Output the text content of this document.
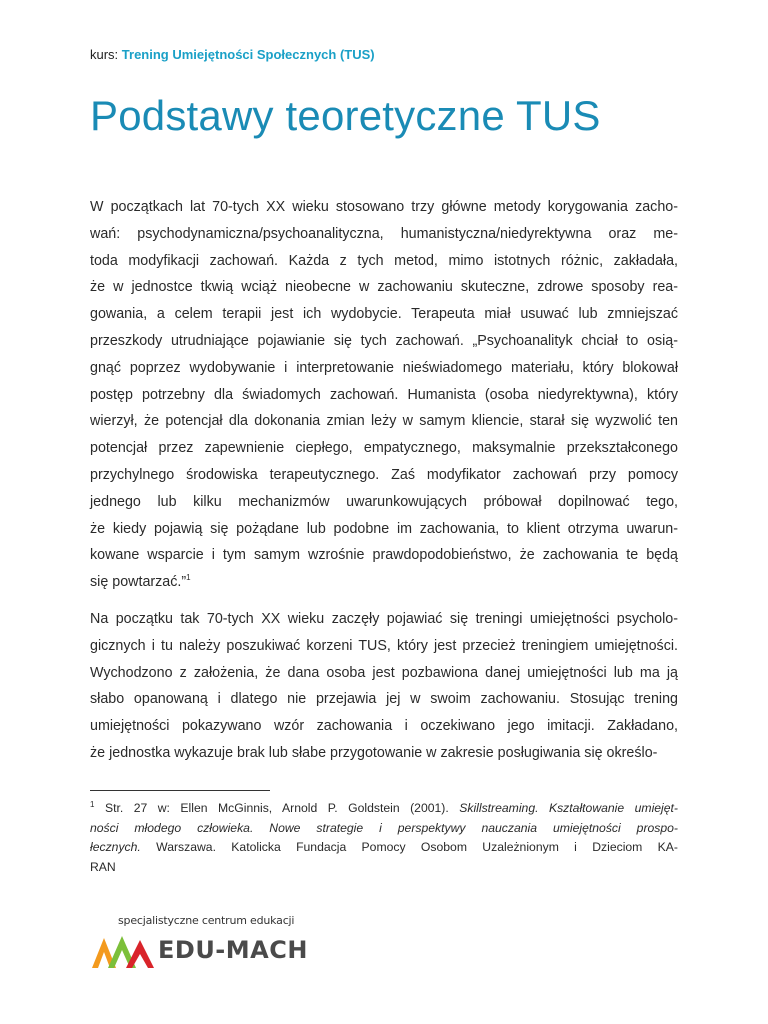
kurs: Trening Umiejętności Społecznych (TUS)
Podstawy teoretyczne TUS

W początkach lat 70-tych XX wieku stosowano trzy główne metody korygowania zacho-
wań: psychodynamiczna/psychoanalityczna, humanistyczna/niedyrektywna oraz me-
toda modyfikacji zachowań. Każda z tych metod, mimo istotnych różnic, zakładała,
że w jednostce tkwią wciąż nieobecne w zachowaniu skuteczne, zdrowe sposoby rea-
gowania, a celem terapii jest ich wydobycie. Terapeuta miał usuwać lub zmniejszać
przeszkody utrudniające pojawianie się tych zachowań. „Psychoanalityk chciał to osią-
gnąć poprzez wydobywanie i interpretowanie nieświadomego materiału, który blokował
postęp potrzebny dla świadomych zachowań. Humanista (osoba niedyrektywna), który
wierzył, że potencjał dla dokonania zmian leży w samym kliencie, starał się wyzwolić ten
potencjał przez zapewnienie ciepłego, empatycznego, maksymalnie przekształconego
przychylnego środowiska terapeutycznego. Zaś modyfikator zachowań przy pomocy
jednego lub kilku mechanizmów uwarunkowujących próbował dopilnować tego,
że kiedy pojawią się pożądane lub podobne im zachowania, to klient otrzyma uwarun-
kowane wsparcie i tym samym wzrośnie prawdopodobieństwo, że zachowania te będą
się powtarzać.”$^1$

Na początku tak 70-tych XX wieku zaczęły pojawiać się treningi umiejętności psycholo-
gicznych i tu należy poszukiwać korzeni TUS, który jest przecież treningiem umiejętności.
Wychodzono z założenia, że dana osoba jest pozbawiona danej umiejętności lub ma ją
słabo opanowaną i dlatego nie przejawia jej w swoim zachowaniu. Stosując trening
umiejętności pokazywano wzór zachowania i oczekiwano jego imitacji. Zakładano,
że jednostka wykazuje brak lub słabe przygotowanie w zakresie posługiwania się określo-

$^1$ Str. 27 w: Ellen McGinnis, Arnold P. Goldstein (2001). Skillstreaming. Kształtowanie umiejęt-
ności młodego człowieka. Nowe strategie i perspektywy nauczania umiejętności prospo-
łecznych. Warszawa. Katolicka Fundacja Pomocy Osobom Uzależnionym i Dzieciom KA-
RAN
specjalistyczne centrum edukacji
EDU-MACH
